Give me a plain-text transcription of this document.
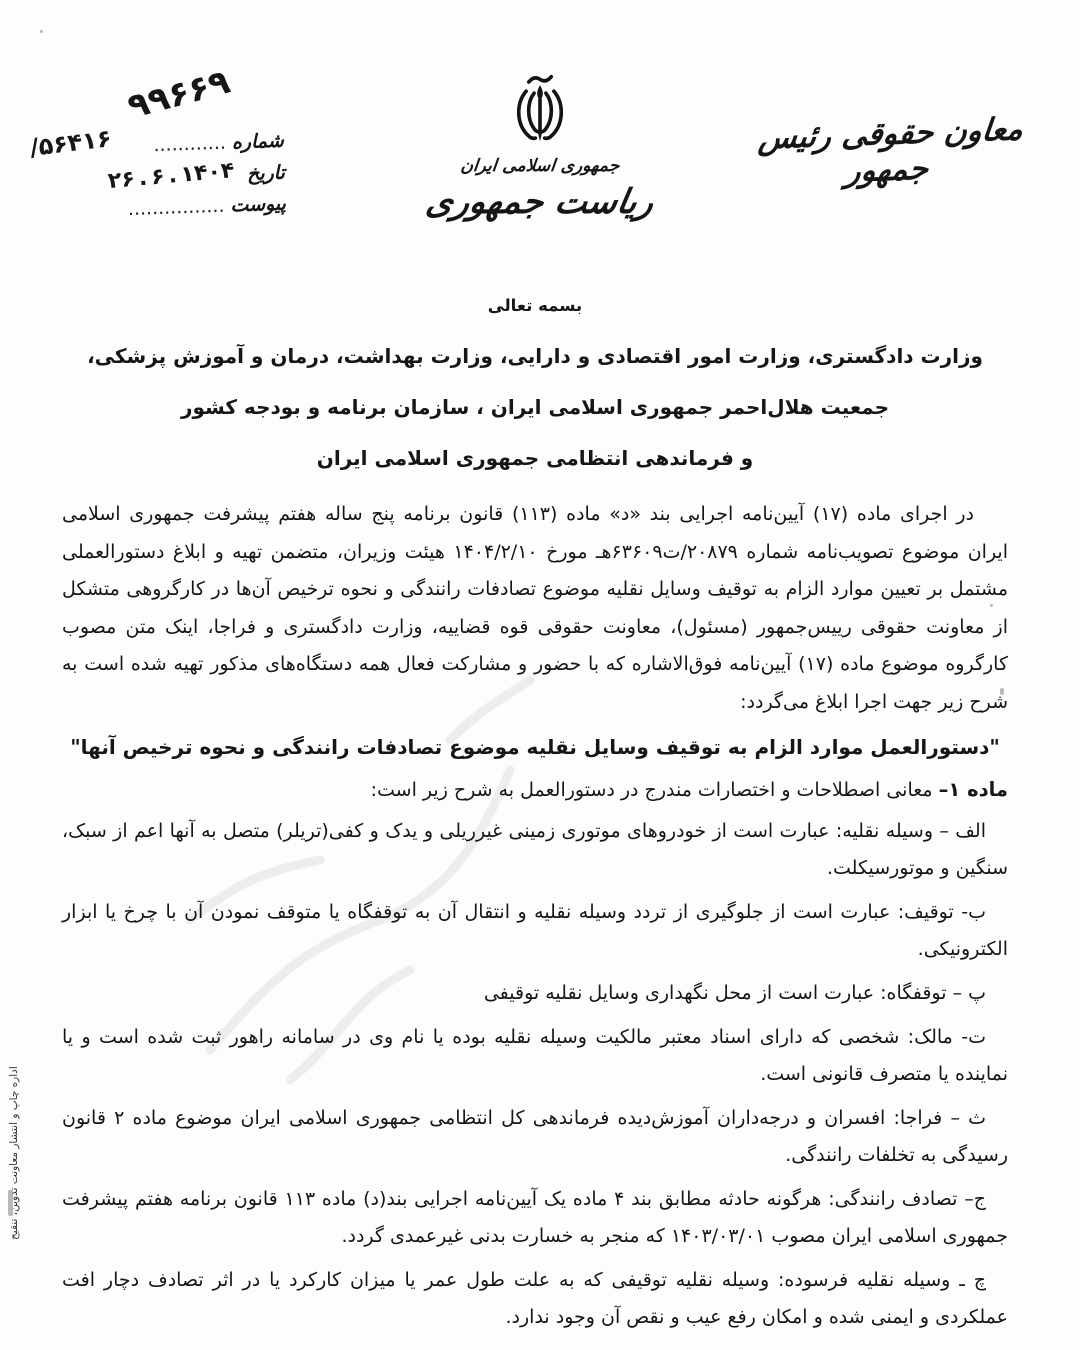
۹۹۶۶۹
شماره ............
۵۶۴۱۶/
تاریخ ۲۶.۶.۱۴۰۴
پیوست ................
جمهوری اسلامی ایران
ریاست جمهوری
معاون حقوقی رئیس جمهور
بسمه تعالی
وزارت دادگستری، وزارت امور اقتصادی و دارایی، وزارت بهداشت، درمان و آموزش پزشکی،
جمعیت هلال‌احمر جمهوری اسلامی ایران ، سازمان برنامه و بودجه کشور
و فرماندهی انتظامی جمهوری اسلامی ایران

در اجرای ماده (۱۷) آیین‌نامه اجرایی بند «د» ماده (۱۱۳) قانون برنامه پنج ساله هفتم پیشرفت جمهوری اسلامی ایران موضوع تصویب‌نامه شماره ۲۰۸۷۹/ت۶۳۶۰۹هـ مورخ ۱۴۰۴/۲/۱۰ هیئت وزیران، متضمن تهیه و ابلاغ دستورالعملی مشتمل بر تعیین موارد الزام به توقیف وسایل نقلیه موضوع تصادفات رانندگی و نحوه ترخیص آن‌ها در کارگروهی متشکل از معاونت حقوقی رییس‌جمهور (مسئول)، معاونت حقوقی قوه قضاییه، وزارت دادگستری و فراجا، اینک متن مصوب کارگروه موضوع ماده (۱۷) آیین‌نامه فوق‌الاشاره که با حضور و مشارکت فعال همه دستگاه‌های مذکور تهیه شده است به شرح زیر جهت اجرا ابلاغ می‌گردد:

"دستورالعمل موارد الزام به توقیف وسایل نقلیه موضوع تصادفات رانندگی و نحوه ترخیص آنها"

ماده ۱– معانی اصطلاحات و اختصارات مندرج در دستورالعمل به شرح زیر است:

الف – وسیله نقلیه: عبارت است از خودروهای موتوری زمینی غیرریلی و یدک و کفی(تریلر) متصل به آنها اعم از سبک، سنگین و موتورسیکلت.

ب- توقیف: عبارت است از جلوگیری از تردد وسیله نقلیه و انتقال آن به توقفگاه یا متوقف نمودن آن با چرخ یا ابزار الکترونیکی.

پ – توقفگاه: عبارت است از محل نگهداری وسایل نقلیه توقیفی

ت- مالک: شخصی که دارای اسناد معتبر مالکیت وسیله نقلیه بوده یا نام وی در سامانه راهور ثبت شده است و یا نماینده یا متصرف قانونی است.

ث – فراجا: افسران و درجه‌داران آموزش‌دیده فرماندهی کل انتظامی جمهوری اسلامی ایران موضوع ماده ۲ قانون رسیدگی به تخلفات رانندگی.

ج– تصادف رانندگی: هرگونه حادثه مطابق بند ۴ ماده یک آیین‌نامه اجرایی بند(د) ماده ۱۱۳ قانون برنامه هفتم پیشرفت جمهوری اسلامی ایران مصوب ۱۴۰۳/۰۳/۰۱ که منجر به خسارت بدنی غیرعمدی گردد.

چ ـ وسیله نقلیه فرسوده: وسیله نقلیه توقیفی که به علت طول عمر یا میزان کارکرد یا در اثر تصادف دچار افت عملکردی و ایمنی شده و امکان رفع عیب و نقص آن وجود ندارد.

اداره چاپ و انتشار معاونت تدوین، تنقیح
